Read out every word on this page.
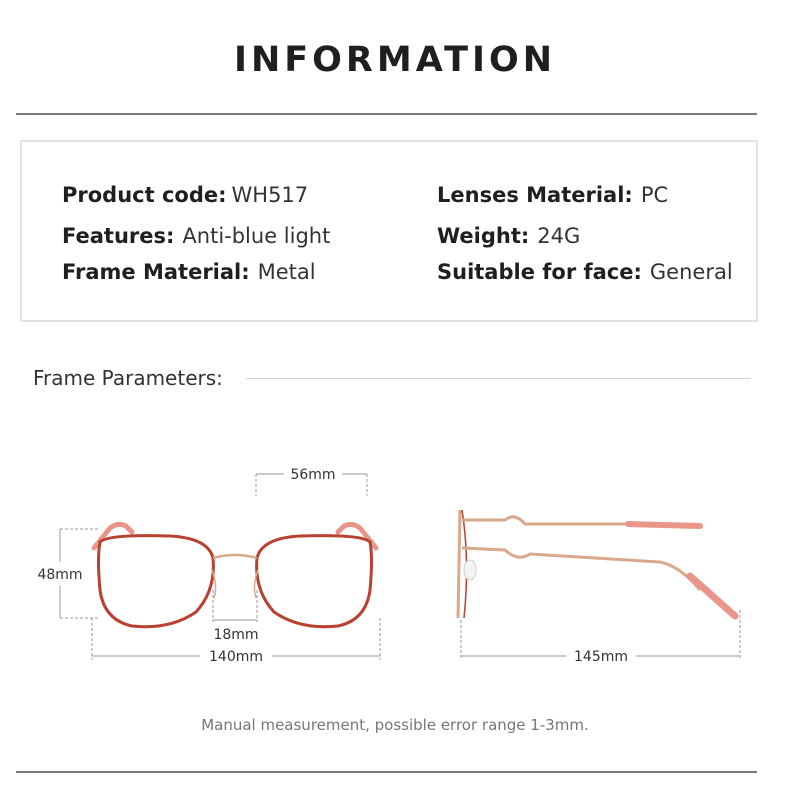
INFORMATION
Product code: WH517	Lenses Material: PC
Features: Anti-blue light	Weight: 24G
Frame Material: Metal	Suitable for face: General
Frame Parameters:
56mm
48mm
18mm
140mm	145mm
Manual measurement, possible error range 1-3mm.
